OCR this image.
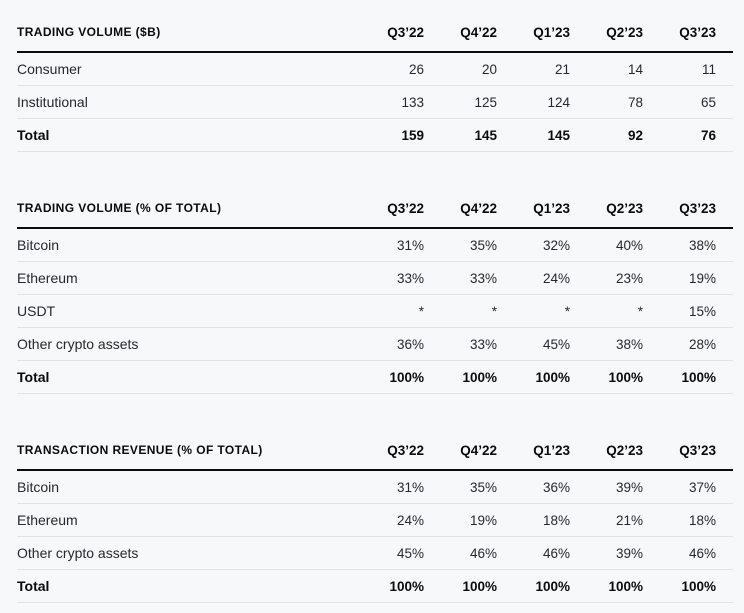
TRADING VOLUME ($B)	Q3’22	Q4’22	Q1’23	Q2’23	Q3’23
Consumer	26	20	21	14	11
Institutional	133	125	124	78	65
Total	159	145	145	92	76
TRADING VOLUME (% OF TOTAL)	Q3’22	Q4’22	Q1’23	Q2’23	Q3’23
Bitcoin	31%	35%	32%	40%	38%
Ethereum	33%	33%	24%	23%	19%
USDT	*	*	*	*	15%
Other crypto assets	36%	33%	45%	38%	28%
Total	100%	100%	100%	100%	100%
TRANSACTION REVENUE (% OF TOTAL)	Q3’22	Q4’22	Q1’23	Q2’23	Q3’23
Bitcoin	31%	35%	36%	39%	37%
Ethereum	24%	19%	18%	21%	18%
Other crypto assets	45%	46%	46%	39%	46%
Total	100%	100%	100%	100%	100%
